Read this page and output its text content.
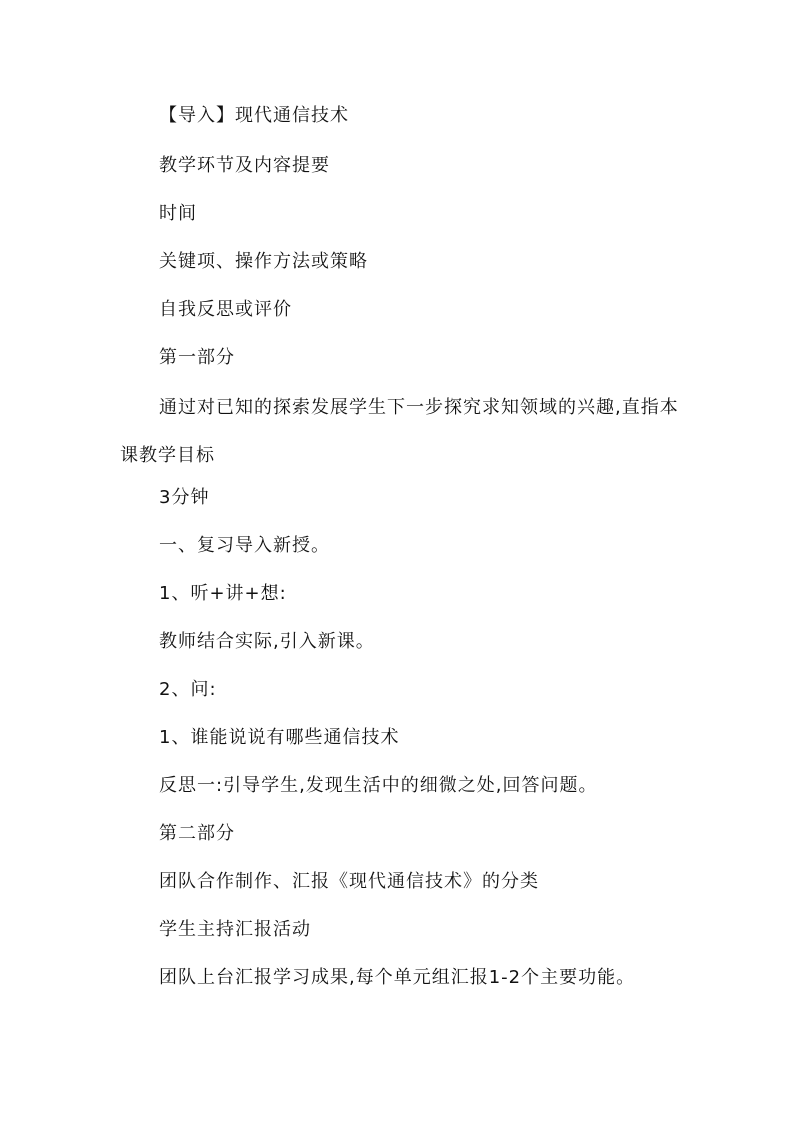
【导入】现代通信技术

教学环节及内容提要

时间

关键项、操作方法或策略

自我反思或评价

第一部分

通过对已知的探索发展学生下一步探究求知领域的兴趣,直指本课教学目标

3分钟

一、复习导入新授。

1、听+讲+想:

教师结合实际,引入新课。

2、问:

1、谁能说说有哪些通信技术

反思一:引导学生,发现生活中的细微之处,回答问题。

第二部分

团队合作制作、汇报《现代通信技术》的分类

学生主持汇报活动

团队上台汇报学习成果,每个单元组汇报1-2个主要功能。
